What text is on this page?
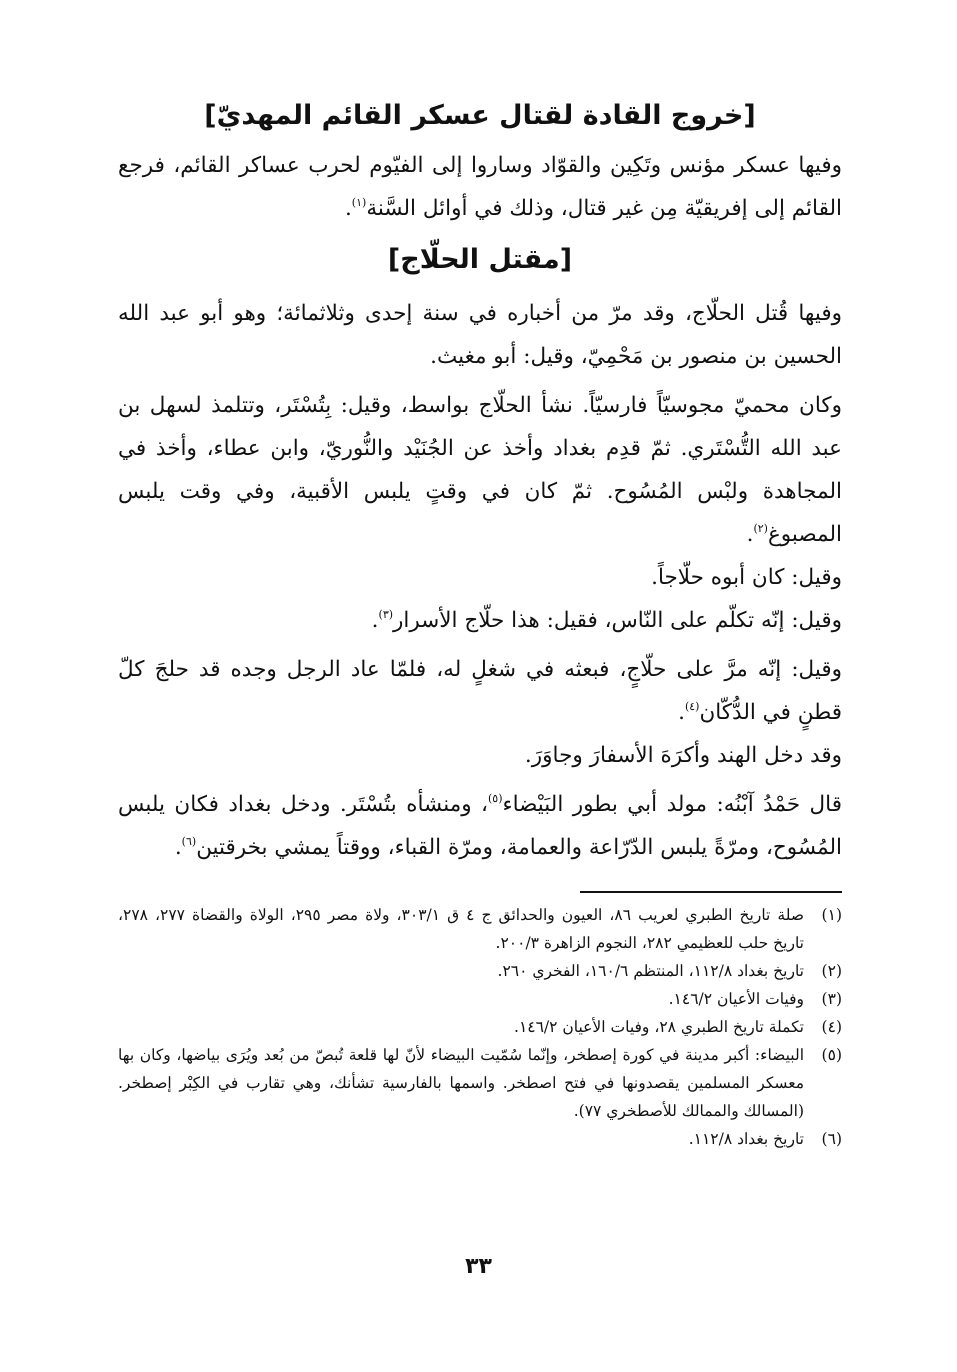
[خروج القادة لقتال عسكر القائم المهديّ]

وفيها عسكر مؤنس وتَكِين والقوّاد وساروا إلى الفيّوم لحرب عساكر القائم، فرجع القائم إلى إفريقيّة مِن غير قتال، وذلك في أوائل السَّنة$^{(١)}$.

[مقتل الحلّاج]

وفيها قُتل الحلّاج، وقد مرّ من أخباره في سنة إحدى وثلاثمائة؛ وهو أبو عبد الله الحسين بن منصور بن مَحْمِيّ، وقيل: أبو مغيث.

وكان محميّ مجوسيّاً فارسيّاً. نشأ الحلّاج بواسط، وقيل: بِتُسْتَر، وتتلمذ لسهل بن عبد الله التُّسْتَري. ثمّ قدِم بغداد وأخذ عن الجُنَيْد والنُّوريّ، وابن عطاء، وأخذ في المجاهدة ولبْس المُسُوح. ثمّ كان في وقتٍ يلبس الأقبية، وفي وقت يلبس المصبوغ$^{(٢)}$.

وقيل: كان أبوه حلّاجاً.

وقيل: إنّه تكلّم على النّاس، فقيل: هذا حلّاج الأسرار$^{(٣)}$.

وقيل: إنّه مرَّ على حلّاجٍ، فبعثه في شغلٍ له، فلمّا عاد الرجل وجده قد حلجَ كلّ قطنٍ في الدُّكّان$^{(٤)}$.

وقد دخل الهند وأكرَهَ الأسفارَ وجاوَرَ.

قال حَمْدُ آبْنُه: مولد أبي بطور البَيْضاء$^{(٥)}$، ومنشأه بتُسْتَر. ودخل بغداد فكان يلبس المُسُوح، ومرّةً يلبس الدّرّاعة والعمامة، ومرّة القباء، ووقتاً يمشي بخرقتين$^{(٦)}$.

(١)
صلة تاريخ الطبري لعريب ٨٦، العيون والحدائق ج ٤ ق ٣٠٣/١، ولاة مصر ٢٩٥، الولاة والقضاة ٢٧٧، ٢٧٨، تاريخ حلب للعظيمي ٢٨٢، النجوم الزاهرة ٢٠٠/٣.
(٢)
تاريخ بغداد ١١٢/٨، المنتظم ١٦٠/٦، الفخري ٢٦٠.
(٣)
وفيات الأعيان ١٤٦/٢.
(٤)
تكملة تاريخ الطبري ٢٨، وفيات الأعيان ١٤٦/٢.
(٥)
البيضاء: أكبر مدينة في كورة إصطخر، وإنّما سُمّيت البيضاء لأنّ لها قلعة تُبصّ من بُعد ويُرَى بياضها، وكان بها معسكر المسلمين يقصدونها في فتح اصطخر. واسمها بالفارسية تشأنك، وهي تقارب في الكِبْر إصطخر. (المسالك والممالك للأصطخري ٧٧).
(٦)
تاريخ بغداد ١١٢/٨.
٣٣
